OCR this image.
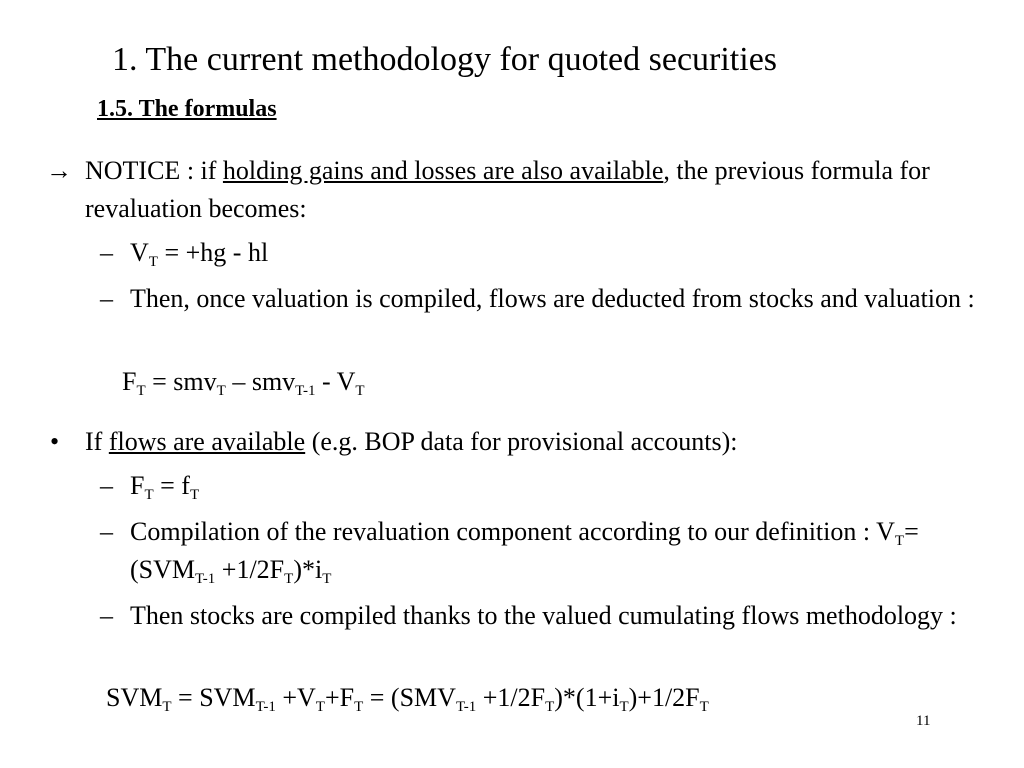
1. The current methodology for quoted securities
1.5. The formulas
→ NOTICE : if holding gains and losses are also available, the previous formula for revaluation becomes:
– $V_T = +hg$ - hl
– Then, once valuation is compiled, flows are deducted from stocks and valuation :
$F_T = smv_T - smv_{T-1} - V_T$
• If flows are available (e.g. BOP data for provisional accounts):
– $F_T = f_T$
– Compilation of the revaluation component according to our definition : $V_T= (SVM_{T-1} +1/2F_T)*i_T$
– Then stocks are compiled thanks to the valued cumulating flows methodology :
$SVM_T = SVM_{T-1} +V_T+F_T = (SMV_{T-1} +1/2F_T)*(1+i_T)+1/2F_T$
11
